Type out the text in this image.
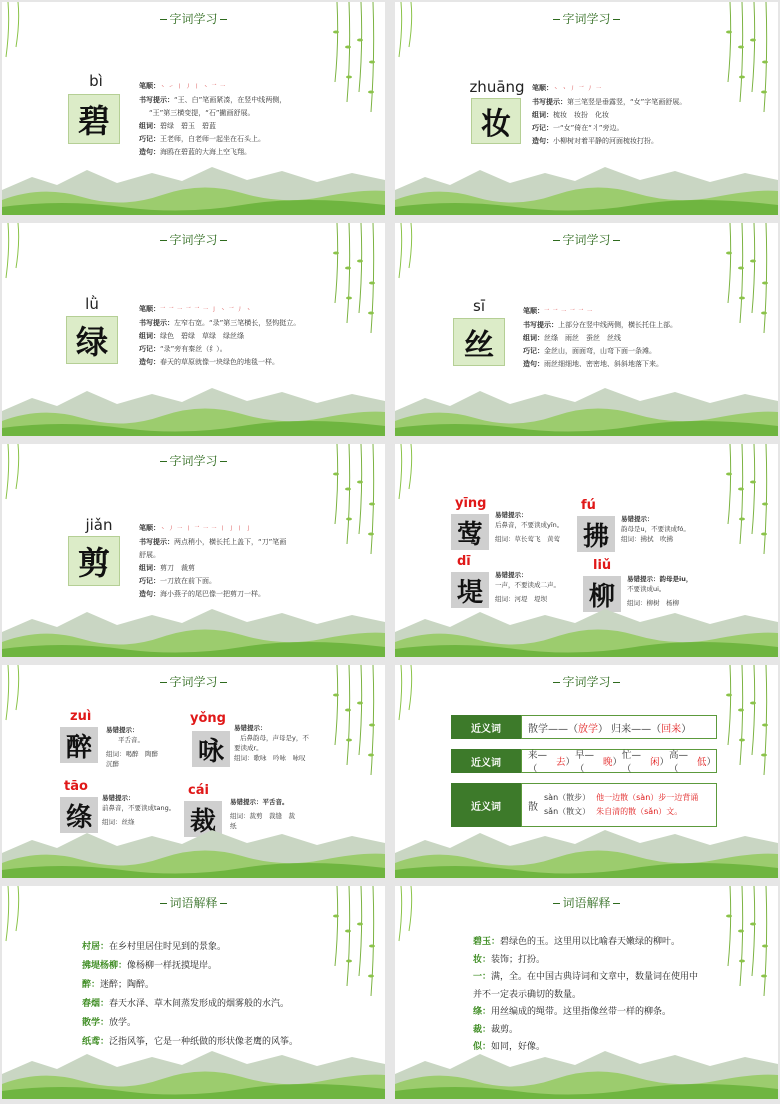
字词学习
bì
碧
笔顺：丶 ㇀ 丨 丿 丨 丶 乛 一
书写提示：“王、白”笔画紧凑，在竖中线两侧，
“王”第三横变提，“石”撇画舒展。
组词：碧绿　碧玉　碧蓝
巧记：王老师，白老师一起坐在石头上。
造句：海鸥在碧蓝的大海上空飞翔。
字词学习
zhuāng
妆
笔顺：丶 丶 丿 乛 丿 一
书写提示：第三笔竖是垂露竖，“女”字笔画舒展。
组词：梳妆　妆扮　化妆
巧记：一“女”倚在“丬”旁边。
造句：小柳树对着平静的河面梳妆打扮。
字词学习
lǜ
绿
笔顺：乛 乛 一 乛 乛 一 亅 丶 乛 丿 丶
书写提示：左窄右宽。“录”第三笔横长，竖钩挺立。
组词：绿色　碧绿　草绿　绿丝绦
巧记：“录”旁有秦丝（纟）。
造句：春天的草原就像一块绿色的地毯一样。
字词学习
sī
丝
笔顺：乛 乛 一 乛 乛 一
书写提示：上部分在竖中线两侧，横长托住上部。
组词：丝绦　雨丝　蚕丝　丝线
巧记：金丝山，面面弯，山弯下面一条滩。
造句：雨丝细细地、密密地、斜斜地落下来。
字词学习
jiǎn
剪
笔顺：丶 丿 一 丨 乛 一 一 丨 亅 丨 亅
书写提示：两点稍小，横长托上盖下，“刀”笔画
舒展。
组词：剪刀　裁剪
巧记：一刀放在前下面。
造句：海小燕子的尾巴像一把剪刀一样。
yīng
莺
易错提示：
后鼻音，不要读成yīn。
组词：草长莺飞　黄莺
fú
拂
易错提示：
韵母是u，不要读成fó。
组词：拂拭　吹拂
dī
堤
易错提示：
一声，不要读成二声。
组词：河堤　堤坝
liǔ
柳
易错提示：韵母是iu，
不要读成ui。
组词：柳树　杨柳
字词学习
zuì
醉
易错提示：
平舌音。
组词：喝醉　陶醉
沉醉
yǒng
咏
易错提示：
后鼻韵母，声母是y，不
要读成r。
组词：歌咏　吟咏　咏叹
tāo
绦
易错提示：
前鼻音，不要读成tang。
组词：丝绦
cái
裁
易错提示：平舌音。
组词：裁剪　裁缝　裁
纸
字词学习
近义词	散学——（ 放学 ） 归来——（ 回来 ）
近义词
来—（
去 ）
早—（
晚 ）
忙—（
闲 ）
高—（
低 ）
近义词	散
sàn（散步）
sǎn（散文）
他一边散（sàn）步一边背诵
朱自清的散（sǎn）文。
词语解释
村居：在乡村里居住时见到的景象。
拂堤杨柳：像杨柳一样抚摸堤岸。
醉：迷醉；陶醉。
春烟：春天水泽、草木间蒸发形成的烟雾般的水汽。
散学：放学。
纸鸢：泛指风筝，它是一种纸做的形状像老鹰的风筝。
词语解释
碧玉：碧绿色的玉。这里用以比喻春天嫩绿的柳叶。
妆：装饰；打扮。
一：满，全。在中国古典诗词和文章中，数量词在使用中
并不一定表示确切的数量。
绦：用丝编成的绳带。这里指像丝带一样的柳条。
裁：裁剪。
似：如同，好像。
